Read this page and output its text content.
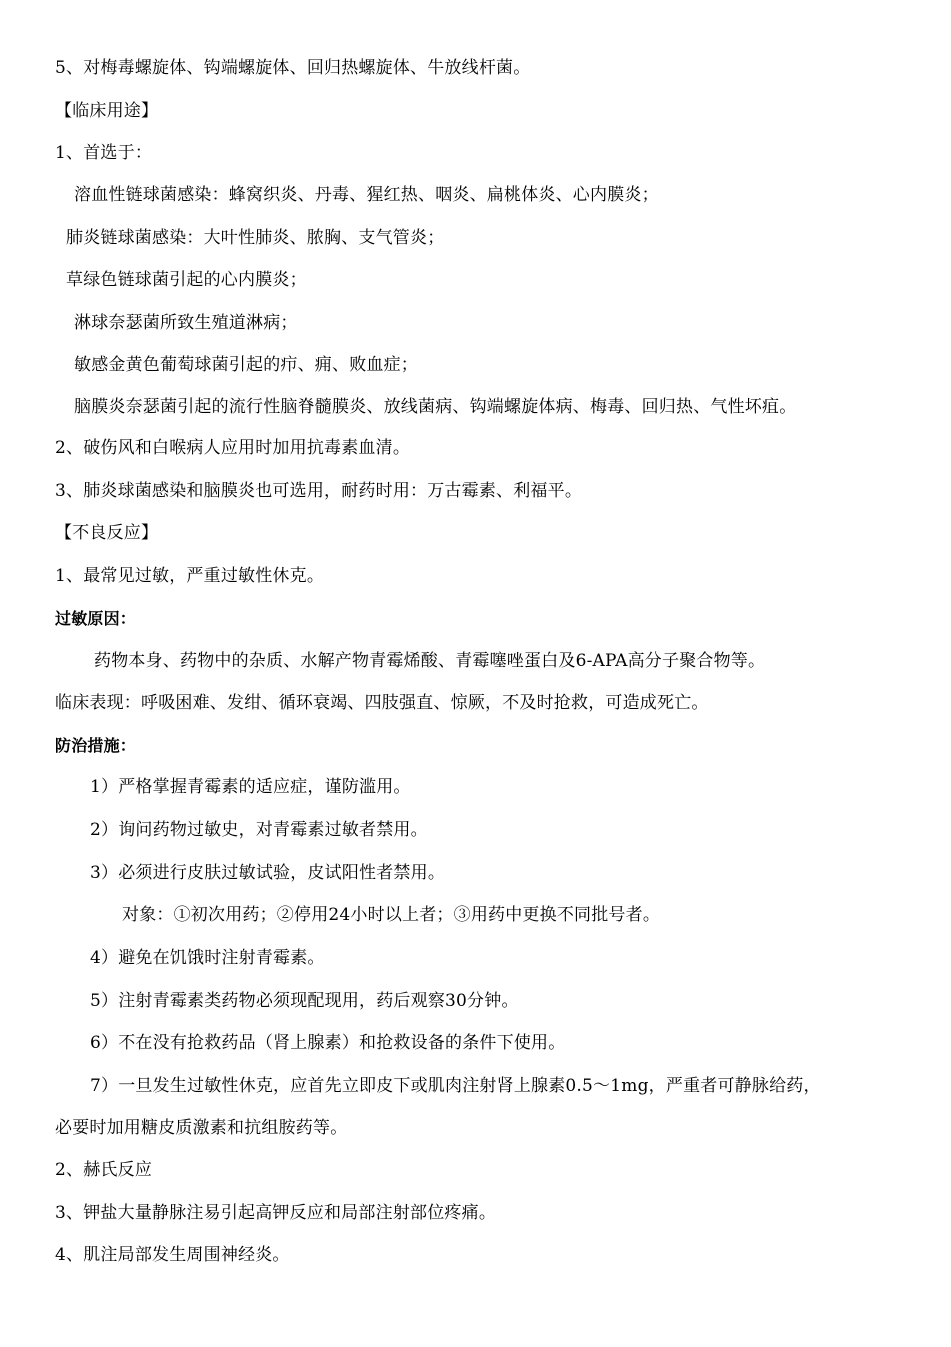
5、对梅毒螺旋体、钩端螺旋体、回归热螺旋体、牛放线杆菌。
【临床用途】
1、首选于：
溶血性链球菌感染：蜂窝织炎、丹毒、猩红热、咽炎、扁桃体炎、心内膜炎；
肺炎链球菌感染：大叶性肺炎、脓胸、支气管炎；
草绿色链球菌引起的心内膜炎；
淋球奈瑟菌所致生殖道淋病；
敏感金黄色葡萄球菌引起的疖、痈、败血症；
脑膜炎奈瑟菌引起的流行性脑脊髓膜炎、放线菌病、钩端螺旋体病、梅毒、回归热、气性坏疽。
2、破伤风和白喉病人应用时加用抗毒素血清。
3、肺炎球菌感染和脑膜炎也可选用，耐药时用：万古霉素、利福平。
【不良反应】
1、最常见过敏，严重过敏性休克。
过敏原因：
药物本身、药物中的杂质、水解产物青霉烯酸、青霉噻唑蛋白及6-APA高分子聚合物等。
临床表现：呼吸困难、发绀、循环衰竭、四肢强直、惊厥，不及时抢救，可造成死亡。
防治措施：
1）严格掌握青霉素的适应症，谨防滥用。
2）询问药物过敏史，对青霉素过敏者禁用。
3）必须进行皮肤过敏试验，皮试阳性者禁用。
对象：①初次用药；②停用24小时以上者；③用药中更换不同批号者。
4）避免在饥饿时注射青霉素。
5）注射青霉素类药物必须现配现用，药后观察30分钟。
6）不在没有抢救药品（肾上腺素）和抢救设备的条件下使用。
7）一旦发生过敏性休克，应首先立即皮下或肌肉注射肾上腺素0.5～1mg，严重者可静脉给药，
必要时加用糖皮质激素和抗组胺药等。
2、赫氏反应
3、钾盐大量静脉注易引起高钾反应和局部注射部位疼痛。
4、肌注局部发生周围神经炎。
